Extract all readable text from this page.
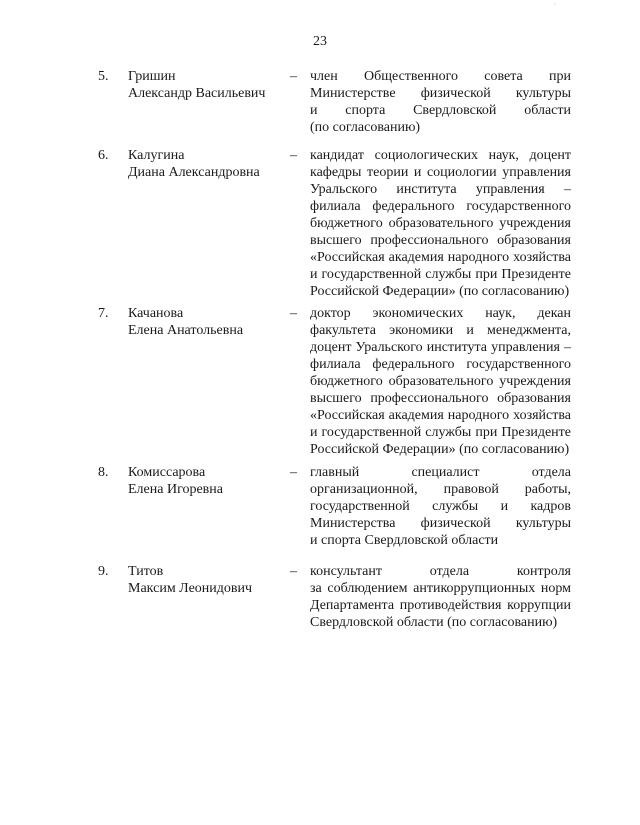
·
23
5. Гришин
Александр Васильевич
– член Общественного совета при
Министерстве физической культуры
и спорта Свердловской области
(по согласованию)
6. Калугина
Диана Александровна
– кандидат социологических наук, доцент
кафедры теории и социологии управления
Уральского института управления –
филиала федерального государственного
бюджетного образовательного учреждения
высшего профессионального образования
«Российская академия народного хозяйства
и государственной службы при Президенте
Российской Федерации» (по согласованию)
7. Качанова
Елена Анатольевна
– доктор экономических наук, декан
факультета экономики и менеджмента,
доцент Уральского института управления –
филиала федерального государственного
бюджетного образовательного учреждения
высшего профессионального образования
«Российская академия народного хозяйства
и государственной службы при Президенте
Российской Федерации» (по согласованию)
8. Комиссарова
Елена Игоревна
– главный специалист отдела
организационной, правовой работы,
государственной службы и кадров
Министерства физической культуры
и спорта Свердловской области
9. Титов
Максим Леонидович
– консультант отдела контроля
за соблюдением антикоррупционных норм
Департамента противодействия коррупции
Свердловской области (по согласованию)
